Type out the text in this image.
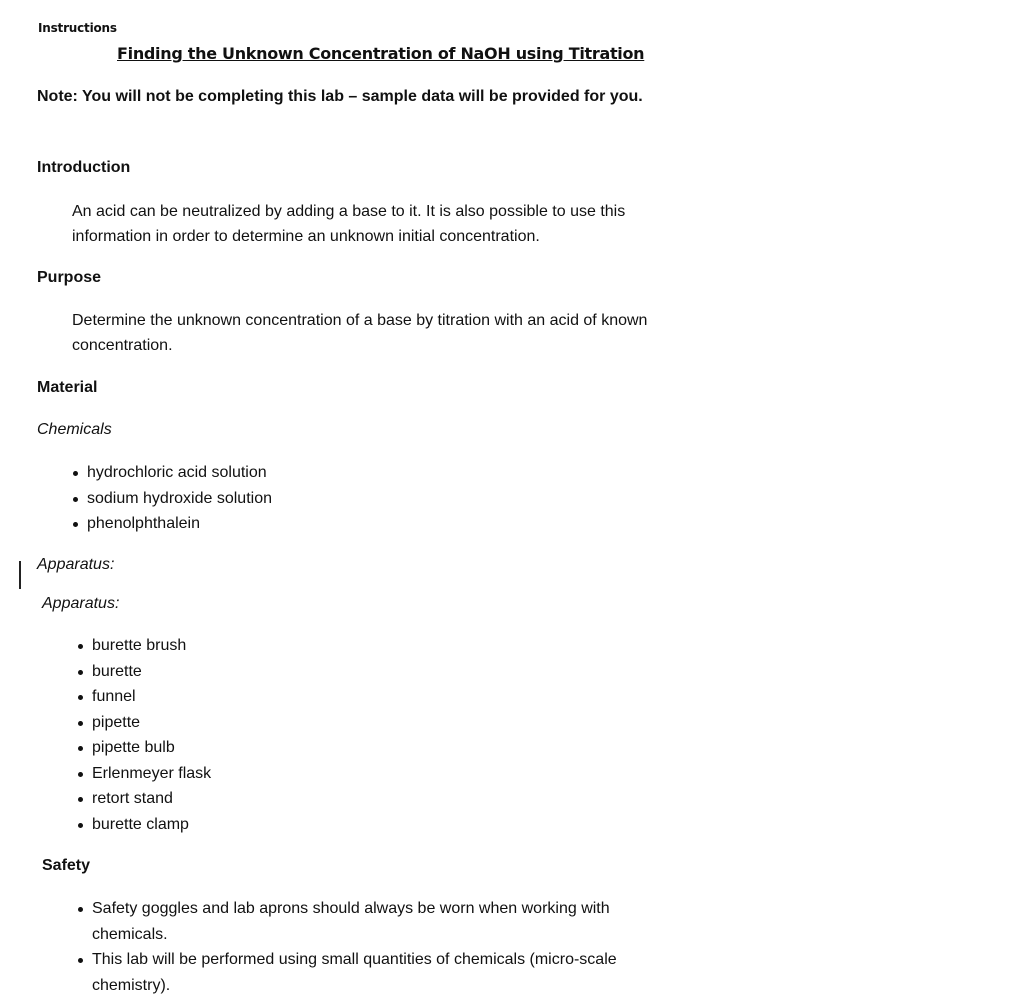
Instructions
Finding the Unknown Concentration of NaOH using Titration
Note: You will not be completing this lab – sample data will be provided for you.
Introduction
An acid can be neutralized by adding a base to it. It is also possible to use this information in order to determine an unknown initial concentration.
Purpose
Determine the unknown concentration of a base by titration with an acid of known concentration.
Material
Chemicals
hydrochloric acid solution
sodium hydroxide solution
phenolphthalein
Apparatus:
Apparatus:
burette brush
burette
funnel
pipette
pipette bulb
Erlenmeyer flask
retort stand
burette clamp
Safety
Safety goggles and lab aprons should always be worn when working with chemicals.
This lab will be performed using small quantities of chemicals (micro-scale chemistry).
